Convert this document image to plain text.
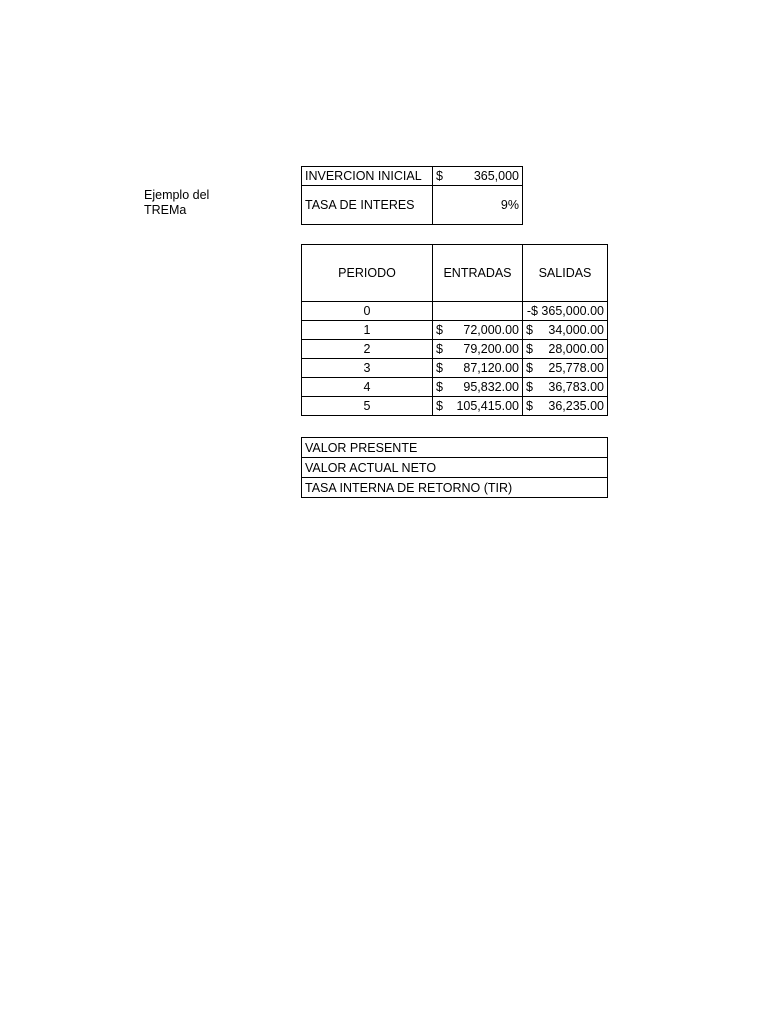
Ejemplo del TREMa
INVERCION INICIAL	$ 365,000

TASA DE INTERES	9%
PERIODO	ENTRADAS	SALIDAS
0		-$ 365,000.00
1	$ 72,000.00	$ 34,000.00

2	$ 79,200.00	$ 28,000.00

3	$ 87,120.00	$ 25,778.00

4	$ 95,832.00	$ 36,783.00

5	$ 105,415.00	$ 36,235.00
VALOR PRESENTE
VALOR ACTUAL NETO
TASA INTERNA DE RETORNO (TIR)
